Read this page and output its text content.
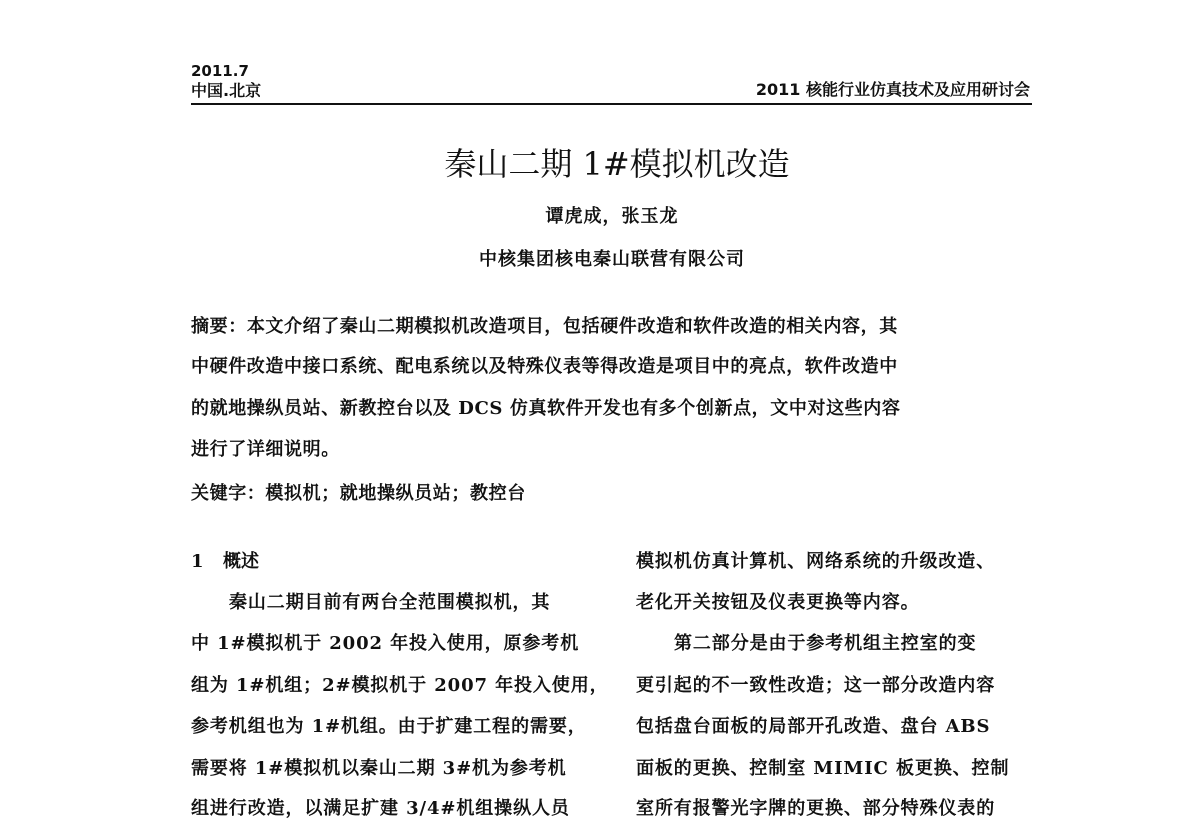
2011.7
中国.北京	2011 核能行业仿真技术及应用研讨会
秦山二期 1#模拟机改造
谭虎成，张玉龙
中核集团核电秦山联营有限公司
摘要：本文介绍了秦山二期模拟机改造项目，包括硬件改造和软件改造的相关内容，其
中硬件改造中接口系统、配电系统以及特殊仪表等得改造是项目中的亮点，软件改造中
的就地操纵员站、新教控台以及 DCS 仿真软件开发也有多个创新点，文中对这些内容
进行了详细说明。
关键字：模拟机；就地操纵员站；教控台
1 概述
秦山二期目前有两台全范围模拟机，其
中 1#模拟机于 2002 年投入使用，原参考机
组为 1#机组；2#模拟机于 2007 年投入使用，
参考机组也为 1#机组。由于扩建工程的需要，
需要将 1#模拟机以秦山二期 3#机为参考机
组进行改造，以满足扩建 3/4#机组操纵人员
模拟机仿真计算机、网络系统的升级改造、
老化开关按钮及仪表更换等内容。
第二部分是由于参考机组主控室的变
更引起的不一致性改造；这一部分改造内容
包括盘台面板的局部开孔改造、盘台 ABS
面板的更换、控制室 MIMIC 板更换、控制
室所有报警光字牌的更换、部分特殊仪表的
